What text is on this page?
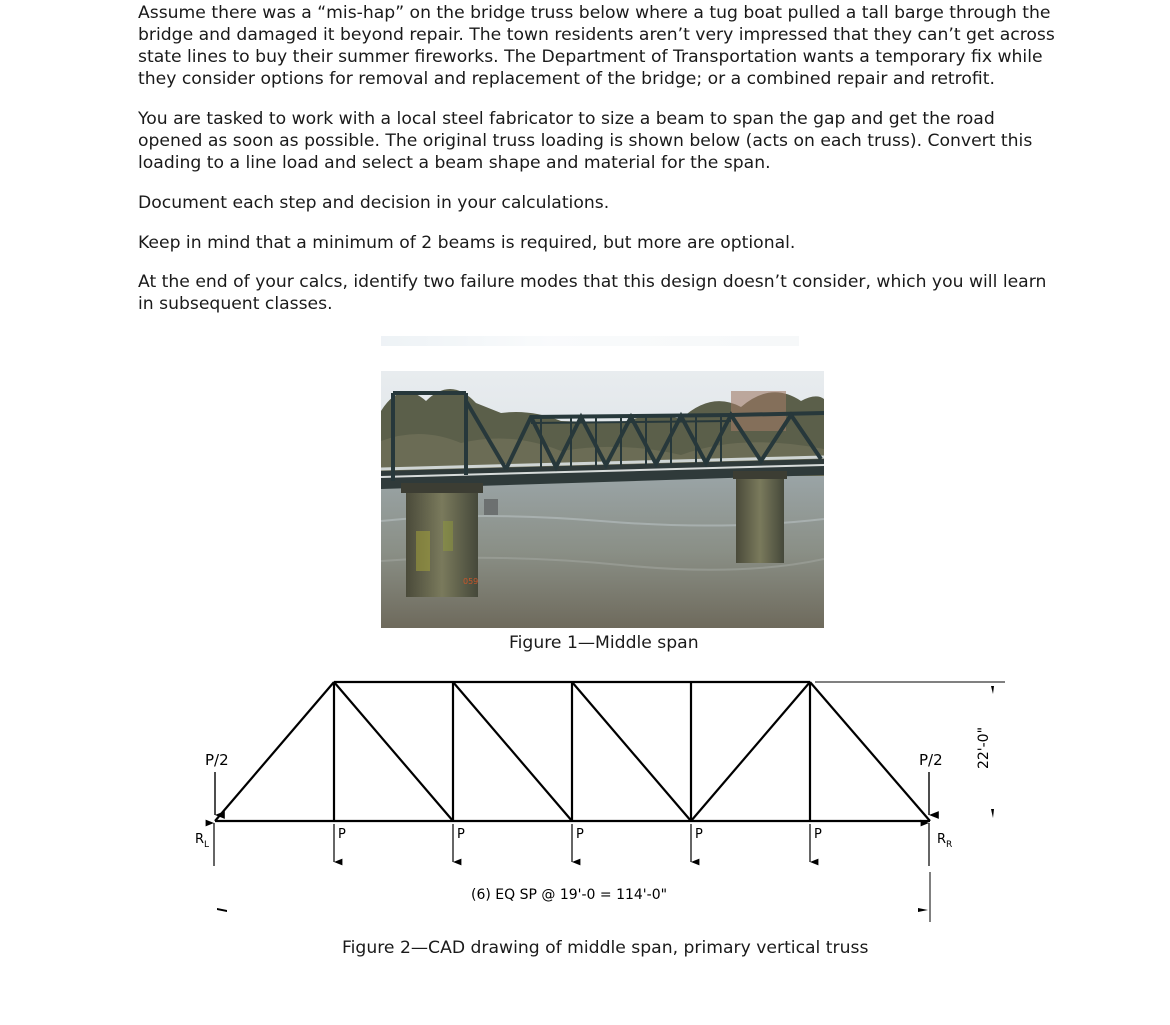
Assume there was a “mis-hap” on the bridge truss below where a tug boat pulled a tall barge through the bridge and damaged it beyond repair. The town residents aren’t very impressed that they can’t get across state lines to buy their summer fireworks. The Department of Transportation wants a temporary fix while they consider options for removal and replacement of the bridge; or a combined repair and retrofit.

You are tasked to work with a local steel fabricator to size a beam to span the gap and get the road opened as soon as possible. The original truss loading is shown below (acts on each truss). Convert this loading to a line load and select a beam shape and material for the span.

Document each step and decision in your calculations.

Keep in mind that a minimum of 2 beams is required, but more are optional.

At the end of your calcs, identify two failure modes that this design doesn’t consider, which you will learn in subsequent classes.

059

Figure 1—Middle span

22'-0"
P/2	P/2
$R_L$	$R_R$
P	P	P	P	P
(6) EQ SP @ 19'-0 = 114'-0"

Figure 2—CAD drawing of middle span, primary vertical truss
